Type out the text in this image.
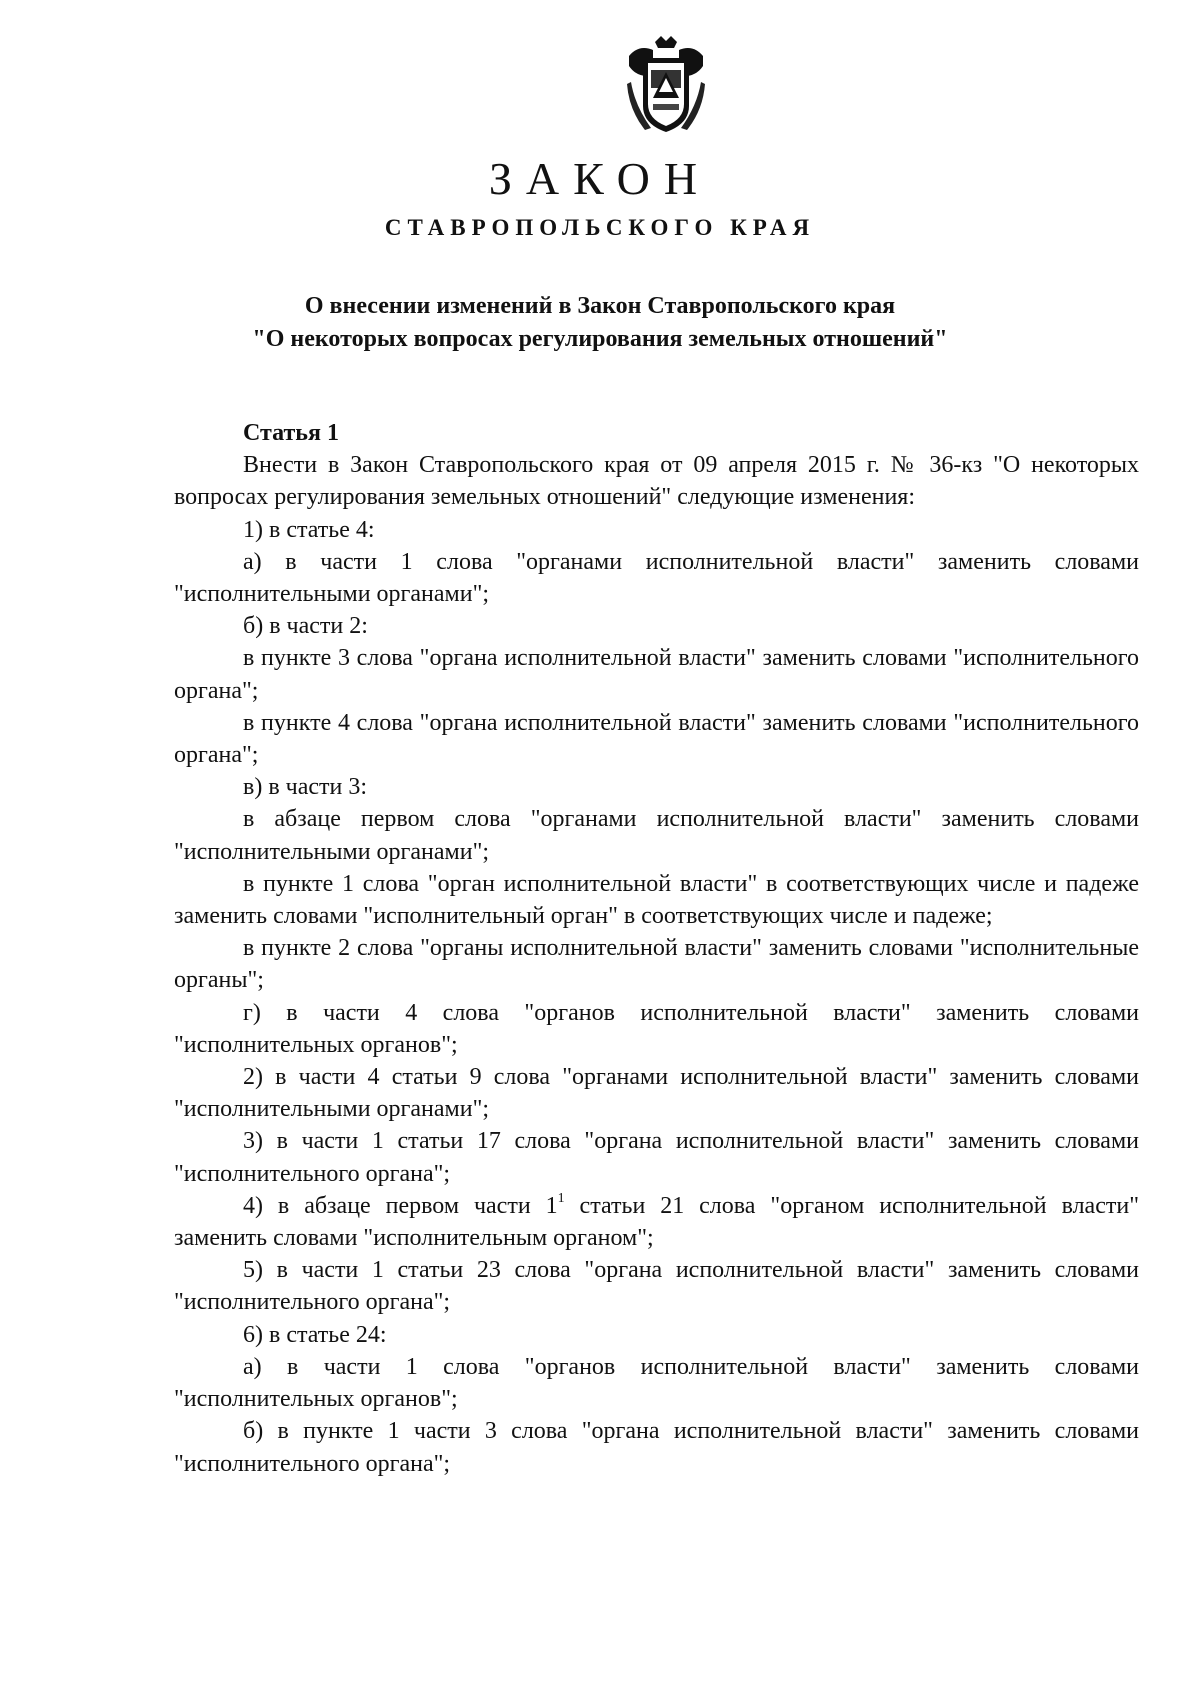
ЗАКОН
СТАВРОПОЛЬСКОГО КРАЯ
О внесении изменений в Закон Ставропольского края
"О некоторых вопросах регулирования земельных отношений"
Статья 1

Внести в Закон Ставропольского края от 09 апреля 2015 г. № 36-кз "О некоторых вопросах регулирования земельных отношений" следующие изменения:

1) в статье 4:

а) в части 1 слова "органами исполнительной власти" заменить словами "исполнительными органами";

б) в части 2:

в пункте 3 слова "органа исполнительной власти" заменить словами "исполнительного органа";

в пункте 4 слова "органа исполнительной власти" заменить словами "исполнительного органа";

в) в части 3:

в абзаце первом слова "органами исполнительной власти" заменить словами "исполнительными органами";

в пункте 1 слова "орган исполнительной власти" в соответствующих числе и падеже заменить словами "исполнительный орган" в соответствующих числе и падеже;

в пункте 2 слова "органы исполнительной власти" заменить словами "исполнительные органы";

г) в части 4 слова "органов исполнительной власти" заменить словами "исполнительных органов";

2) в части 4 статьи 9 слова "органами исполнительной власти" заменить словами "исполнительными органами";

3) в части 1 статьи 17 слова "органа исполнительной власти" заменить словами "исполнительного органа";

4) в абзаце первом части $1^1$ статьи 21 слова "органом исполнительной власти" заменить словами "исполнительным органом";

5) в части 1 статьи 23 слова "органа исполнительной власти" заменить словами "исполнительного органа";

6) в статье 24:

а) в части 1 слова "органов исполнительной власти" заменить словами "исполнительных органов";

б) в пункте 1 части 3 слова "органа исполнительной власти" заменить словами "исполнительного органа";
